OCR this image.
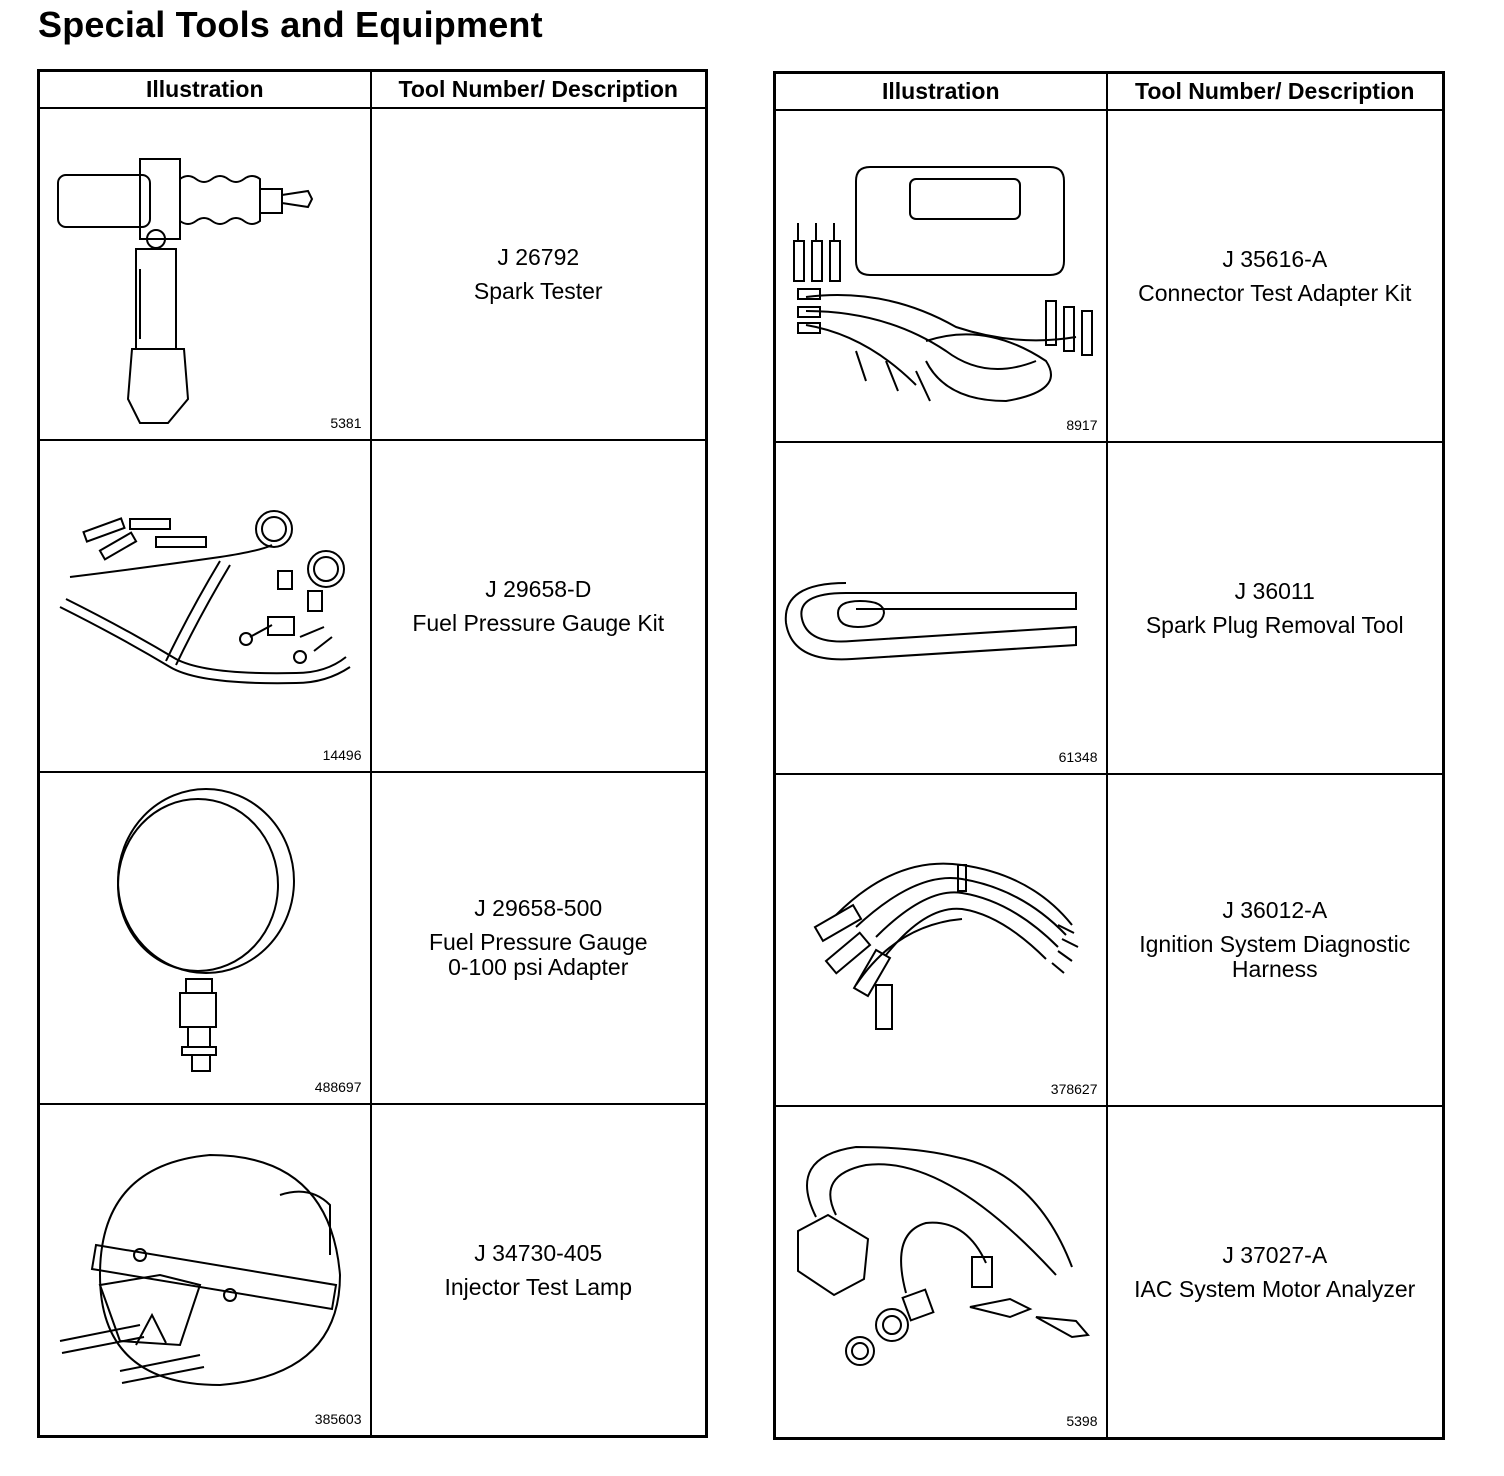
Special Tools and Equipment
Illustration	Tool Number/ Description

5381	J 26792
Spark Tester

14496	J 29658-D
Fuel Pressure Gauge Kit

488697	J 29658-500
Fuel Pressure Gauge
0-100 psi Adapter

385603	J 34730-405
Injector Test Lamp
Illustration	Tool Number/ Description

8917	J 35616-A
Connector Test Adapter Kit

61348	J 36011
Spark Plug Removal Tool

378627	J 36012-A
Ignition System Diagnostic
Harness

5398	J 37027-A
IAC System Motor Analyzer
